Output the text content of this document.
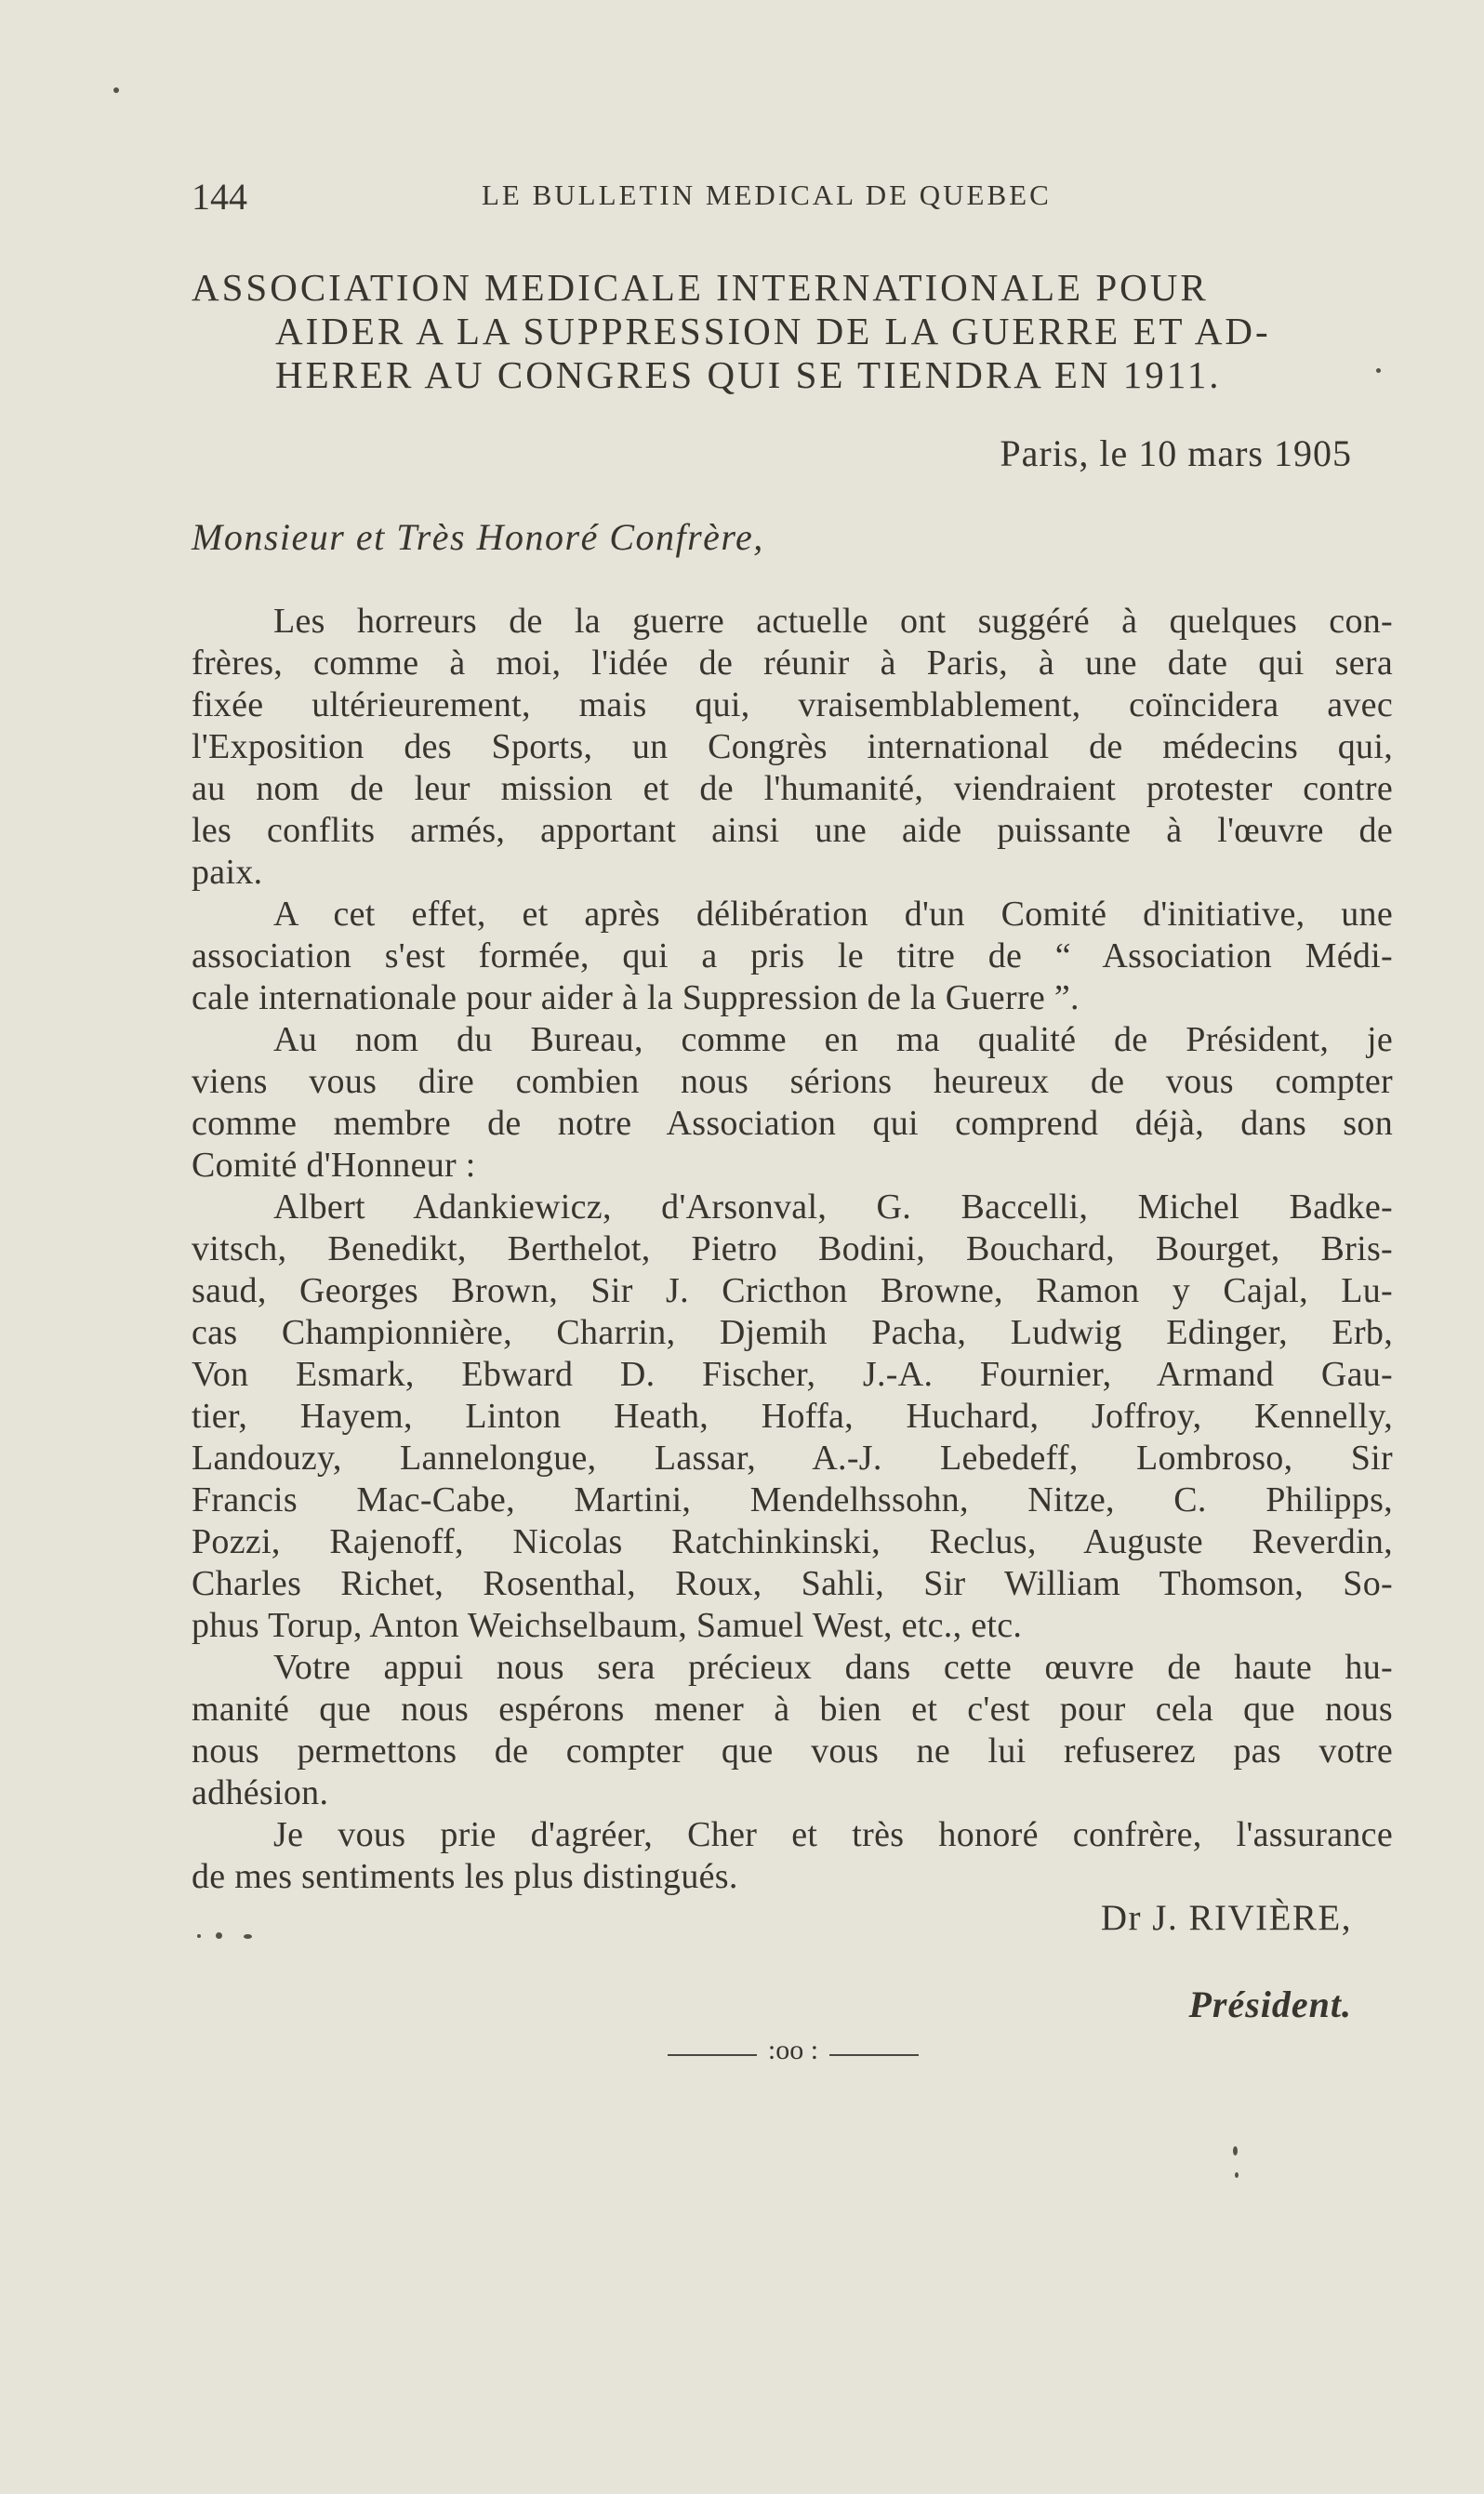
144	LE BULLETIN MEDICAL DE QUEBEC
ASSOCIATION MEDICALE INTERNATIONALE POUR
AIDER A LA SUPPRESSION DE LA GUERRE ET AD-
HERER AU CONGRES QUI SE TIENDRA EN 1911.
Paris, le 10 mars 1905
Monsieur et Très Honoré Confrère,
Les horreurs de la guerre actuelle ont suggéré à quelques con-
frères, comme à moi, l'idée de réunir à Paris, à une date qui sera
fixée ultérieurement, mais qui, vraisemblablement, coïncidera avec
l'Exposition des Sports, un Congrès international de médecins qui,
au nom de leur mission et de l'humanité, viendraient protester contre
les conflits armés, apportant ainsi une aide puissante à l'œuvre de
paix.
A cet effet, et après délibération d'un Comité d'initiative, une
association s'est formée, qui a pris le titre de “ Association Médi-
cale internationale pour aider à la Suppression de la Guerre ”.
Au nom du Bureau, comme en ma qualité de Président, je
viens vous dire combien nous sérions heureux de vous compter
comme membre de notre Association qui comprend déjà, dans son
Comité d'Honneur :
Albert Adankiewicz, d'Arsonval, G. Baccelli, Michel Badke-
vitsch, Benedikt, Berthelot, Pietro Bodini, Bouchard, Bourget, Bris-
saud, Georges Brown, Sir J. Cricthon Browne, Ramon y Cajal, Lu-
cas Championnière, Charrin, Djemih Pacha, Ludwig Edinger, Erb,
Von Esmark, Ebward D. Fischer, J.-A. Fournier, Armand Gau-
tier, Hayem, Linton Heath, Hoffa, Huchard, Joffroy, Kennelly,
Landouzy, Lannelongue, Lassar, A.-J. Lebedeff, Lombroso, Sir
Francis Mac-Cabe, Martini, Mendelhssohn, Nitze, C. Philipps,
Pozzi, Rajenoff, Nicolas Ratchinkinski, Reclus, Auguste Reverdin,
Charles Richet, Rosenthal, Roux, Sahli, Sir William Thomson, So-
phus Torup, Anton Weichselbaum, Samuel West, etc., etc.
Votre appui nous sera précieux dans cette œuvre de haute hu-
manité que nous espérons mener à bien et c'est pour cela que nous
nous permettons de compter que vous ne lui refuserez pas votre
adhésion.
Je vous prie d'agréer, Cher et très honoré confrère, l'assurance
de mes sentiments les plus distingués.
Dr J. RIVIÈRE,
Président.
:oo :
